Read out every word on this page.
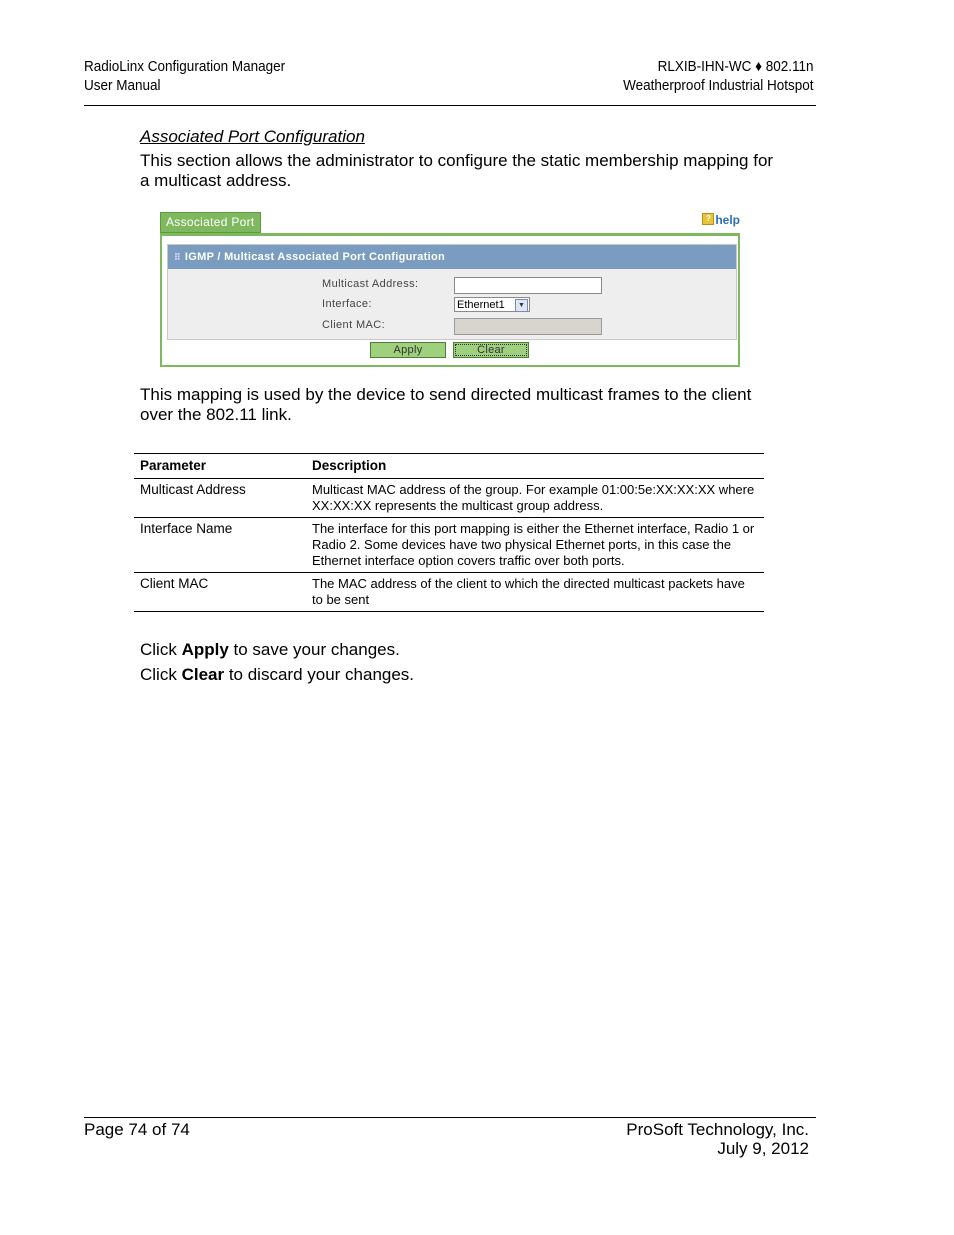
RadioLinx Configuration Manager
User Manual
RLXIB-IHN-WC ♦ 802.11n
Weatherproof Industrial Hotspot
Associated Port Configuration
This section allows the administrator to configure the static membership mapping for a multicast address.
Associated Port	? help
⠿ IGMP / Multicast Associated Port Configuration
Multicast Address:
Interface:	Ethernet1	▼
Client MAC:
Apply	Clear
This mapping is used by the device to send directed multicast frames to the client over the 802.11 link.
Parameter	Description
Multicast Address	Multicast MAC address of the group. For example 01:00:5e:XX:XX:XX where XX:XX:XX represents the multicast group address.
Interface Name	The interface for this port mapping is either the Ethernet interface, Radio 1 or Radio 2. Some devices have two physical Ethernet ports, in this case the Ethernet interface option covers traffic over both ports.
Client MAC	The MAC address of the client to which the directed multicast packets have to be sent
Click Apply to save your changes.
Click Clear to discard your changes.
Page 74 of 74	ProSoft Technology, Inc.
July 9, 2012
